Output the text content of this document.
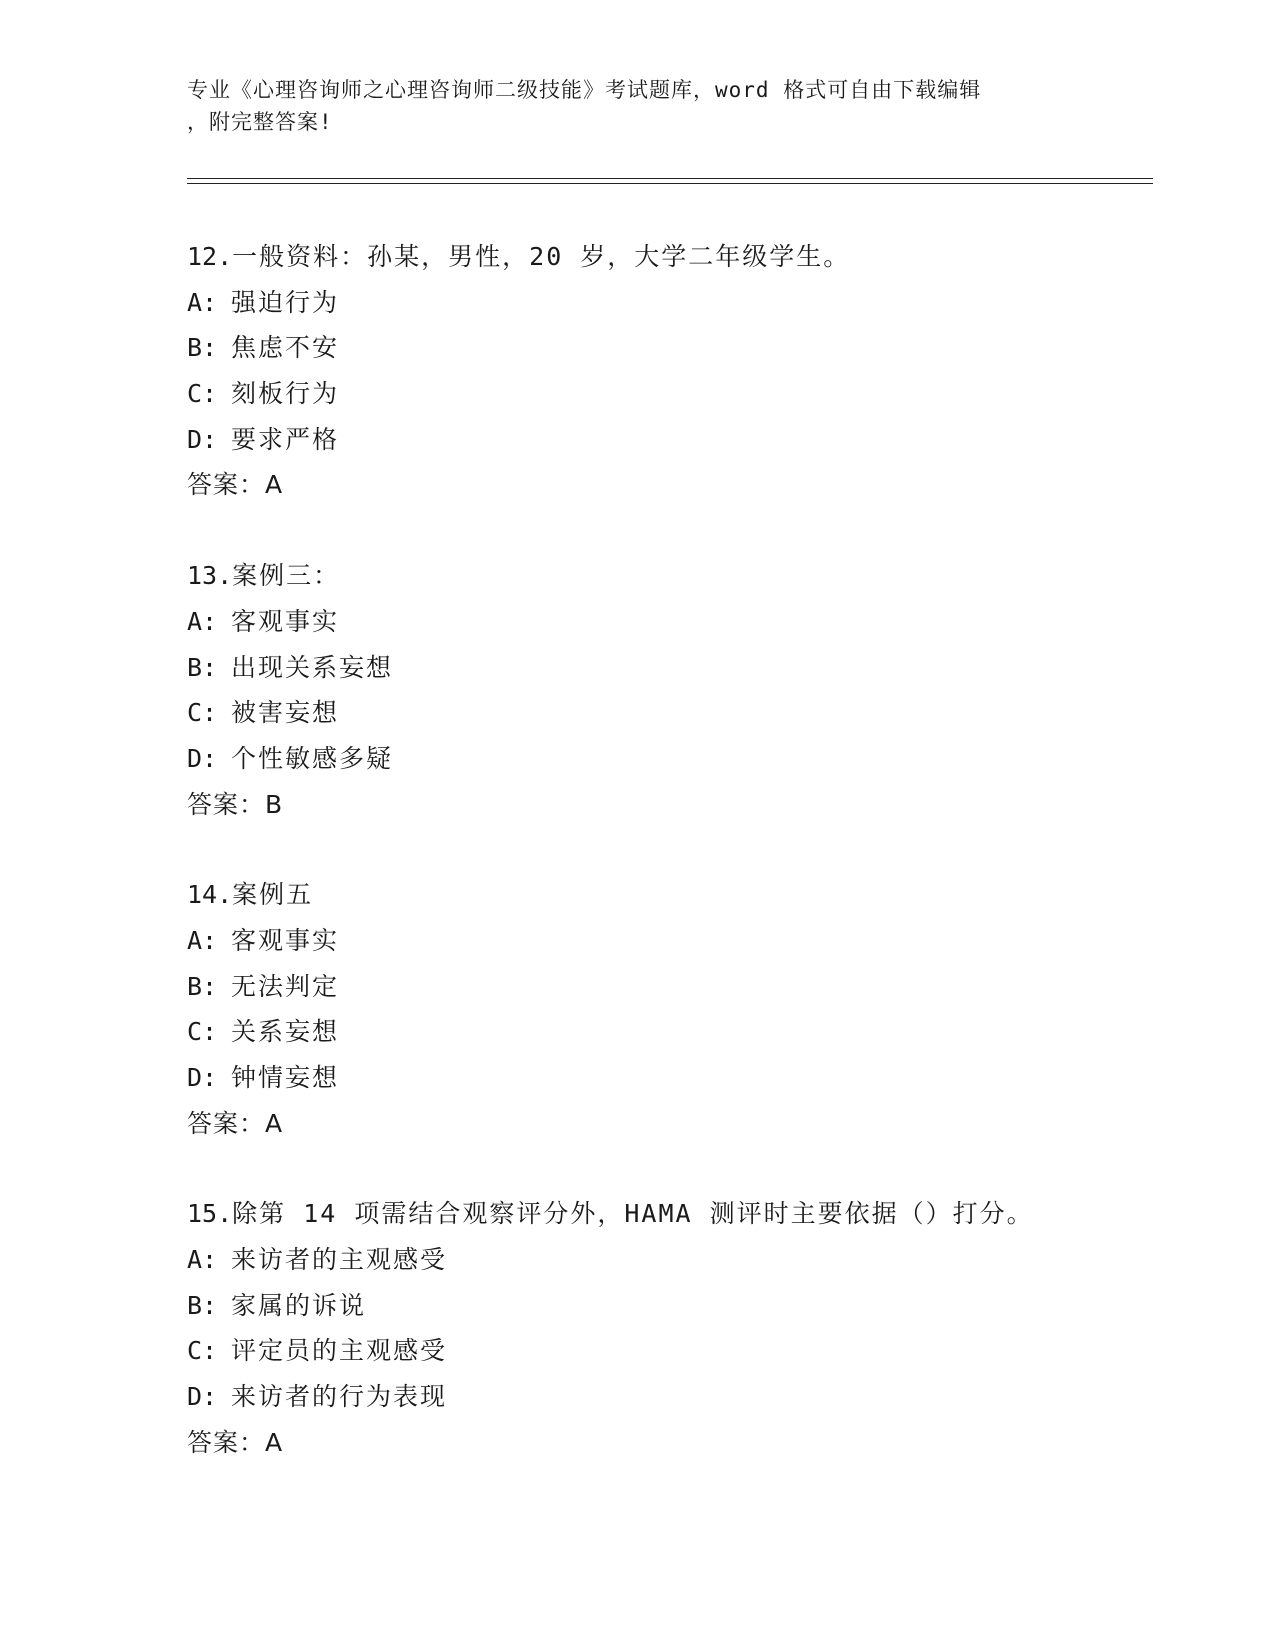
专业《心理咨询师之心理咨询师二级技能》考试题库，word 格式可自由下载编辑
，附完整答案!
12.一般资料：孙某，男性，20 岁，大学二年级学生。
A: 强迫行为
B: 焦虑不安
C: 刻板行为
D: 要求严格
答案：A
13.案例三：
A: 客观事实
B: 出现关系妄想
C: 被害妄想
D: 个性敏感多疑
答案：B
14.案例五
A: 客观事实
B: 无法判定
C: 关系妄想
D: 钟情妄想
答案：A
15.除第 14 项需结合观察评分外，HAMA 测评时主要依据（）打分。
A: 来访者的主观感受
B: 家属的诉说
C: 评定员的主观感受
D: 来访者的行为表现
答案：A
